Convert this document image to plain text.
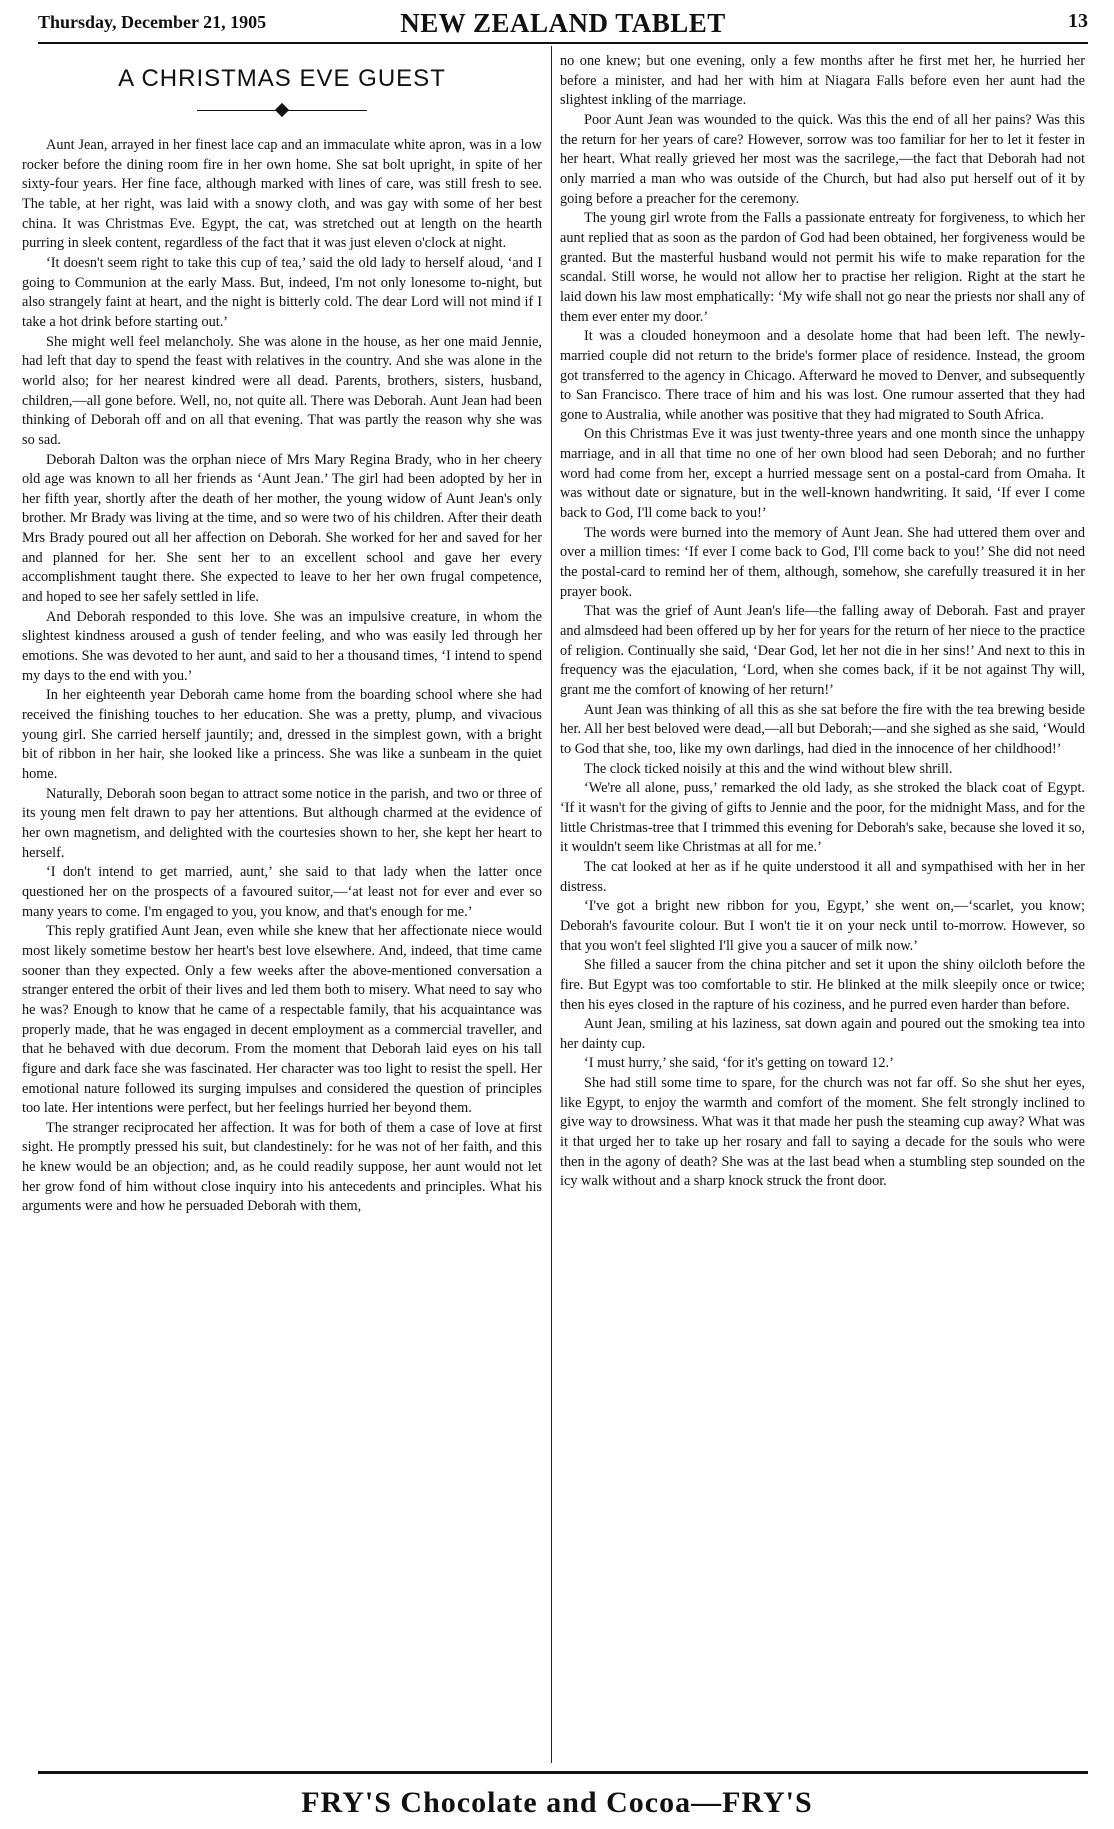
Thursday, December 21, 1905	NEW ZEALAND TABLET	13
A CHRISTMAS EVE GUEST

Aunt Jean, arrayed in her finest lace cap and an immaculate white apron, was in a low rocker before the dining room fire in her own home. She sat bolt upright, in spite of her sixty-four years. Her fine face, although marked with lines of care, was still fresh to see. The table, at her right, was laid with a snowy cloth, and was gay with some of her best china. It was Christmas Eve. Egypt, the cat, was stretched out at length on the hearth purring in sleek content, regardless of the fact that it was just eleven o'clock at night.

‘It doesn't seem right to take this cup of tea,’ said the old lady to herself aloud, ‘and I going to Communion at the early Mass. But, indeed, I'm not only lonesome to-night, but also strangely faint at heart, and the night is bitterly cold. The dear Lord will not mind if I take a hot drink before starting out.’

She might well feel melancholy. She was alone in the house, as her one maid Jennie, had left that day to spend the feast with relatives in the country. And she was alone in the world also; for her nearest kindred were all dead. Parents, brothers, sisters, husband, children,—all gone before. Well, no, not quite all. There was Deborah. Aunt Jean had been thinking of Deborah off and on all that evening. That was partly the reason why she was so sad.

Deborah Dalton was the orphan niece of Mrs Mary Regina Brady, who in her cheery old age was known to all her friends as ‘Aunt Jean.’ The girl had been adopted by her in her fifth year, shortly after the death of her mother, the young widow of Aunt Jean's only brother. Mr Brady was living at the time, and so were two of his children. After their death Mrs Brady poured out all her affection on Deborah. She worked for her and saved for her and planned for her. She sent her to an excellent school and gave her every accomplishment taught there. She expected to leave to her her own frugal competence, and hoped to see her safely settled in life.

And Deborah responded to this love. She was an impulsive creature, in whom the slightest kindness aroused a gush of tender feeling, and who was easily led through her emotions. She was devoted to her aunt, and said to her a thousand times, ‘I intend to spend my days to the end with you.’

In her eighteenth year Deborah came home from the boarding school where she had received the finishing touches to her education. She was a pretty, plump, and vivacious young girl. She carried herself jauntily; and, dressed in the simplest gown, with a bright bit of ribbon in her hair, she looked like a princess. She was like a sunbeam in the quiet home.

Naturally, Deborah soon began to attract some notice in the parish, and two or three of its young men felt drawn to pay her attentions. But although charmed at the evidence of her own magnetism, and delighted with the courtesies shown to her, she kept her heart to herself.

‘I don't intend to get married, aunt,’ she said to that lady when the latter once questioned her on the prospects of a favoured suitor,—‘at least not for ever and ever so many years to come. I'm engaged to you, you know, and that's enough for me.’

This reply gratified Aunt Jean, even while she knew that her affectionate niece would most likely sometime bestow her heart's best love elsewhere. And, indeed, that time came sooner than they expected. Only a few weeks after the above-mentioned conversation a stranger entered the orbit of their lives and led them both to misery. What need to say who he was? Enough to know that he came of a respectable family, that his acquaintance was properly made, that he was engaged in decent employment as a commercial traveller, and that he behaved with due decorum. From the moment that Deborah laid eyes on his tall figure and dark face she was fascinated. Her character was too light to resist the spell. Her emotional nature followed its surging impulses and considered the question of principles too late. Her intentions were perfect, but her feelings hurried her beyond them.

The stranger reciprocated her affection. It was for both of them a case of love at first sight. He promptly pressed his suit, but clandestinely: for he was not of her faith, and this he knew would be an objection; and, as he could readily suppose, her aunt would not let her grow fond of him without close inquiry into his antecedents and principles. What his arguments were and how he persuaded Deborah with them,

no one knew; but one evening, only a few months after he first met her, he hurried her before a minister, and had her with him at Niagara Falls before even her aunt had the slightest inkling of the marriage.

Poor Aunt Jean was wounded to the quick. Was this the end of all her pains? Was this the return for her years of care? However, sorrow was too familiar for her to let it fester in her heart. What really grieved her most was the sacrilege,—the fact that Deborah had not only married a man who was outside of the Church, but had also put herself out of it by going before a preacher for the ceremony.

The young girl wrote from the Falls a passionate entreaty for forgiveness, to which her aunt replied that as soon as the pardon of God had been obtained, her forgiveness would be granted. But the masterful husband would not permit his wife to make reparation for the scandal. Still worse, he would not allow her to practise her religion. Right at the start he laid down his law most emphatically: ‘My wife shall not go near the priests nor shall any of them ever enter my door.’

It was a clouded honeymoon and a desolate home that had been left. The newly-married couple did not return to the bride's former place of residence. Instead, the groom got transferred to the agency in Chicago. Afterward he moved to Denver, and subsequently to San Francisco. There trace of him and his was lost. One rumour asserted that they had gone to Australia, while another was positive that they had migrated to South Africa.

On this Christmas Eve it was just twenty-three years and one month since the unhappy marriage, and in all that time no one of her own blood had seen Deborah; and no further word had come from her, except a hurried message sent on a postal-card from Omaha. It was without date or signature, but in the well-known handwriting. It said, ‘If ever I come back to God, I'll come back to you!’

The words were burned into the memory of Aunt Jean. She had uttered them over and over a million times: ‘If ever I come back to God, I'll come back to you!’ She did not need the postal-card to remind her of them, although, somehow, she carefully treasured it in her prayer book.

That was the grief of Aunt Jean's life—the falling away of Deborah. Fast and prayer and almsdeed had been offered up by her for years for the return of her niece to the practice of religion. Continually she said, ‘Dear God, let her not die in her sins!’ And next to this in frequency was the ejaculation, ‘Lord, when she comes back, if it be not against Thy will, grant me the comfort of knowing of her return!’

Aunt Jean was thinking of all this as she sat before the fire with the tea brewing beside her. All her best beloved were dead,—all but Deborah;—and she sighed as she said, ‘Would to God that she, too, like my own darlings, had died in the innocence of her childhood!’

The clock ticked noisily at this and the wind without blew shrill.

‘We're all alone, puss,’ remarked the old lady, as she stroked the black coat of Egypt. ‘If it wasn't for the giving of gifts to Jennie and the poor, for the midnight Mass, and for the little Christmas-tree that I trimmed this evening for Deborah's sake, because she loved it so, it wouldn't seem like Christmas at all for me.’

The cat looked at her as if he quite understood it all and sympathised with her in her distress.

‘I've got a bright new ribbon for you, Egypt,’ she went on,—‘scarlet, you know; Deborah's favourite colour. But I won't tie it on your neck until to-morrow. However, so that you won't feel slighted I'll give you a saucer of milk now.’

She filled a saucer from the china pitcher and set it upon the shiny oilcloth before the fire. But Egypt was too comfortable to stir. He blinked at the milk sleepily once or twice; then his eyes closed in the rapture of his coziness, and he purred even harder than before.

Aunt Jean, smiling at his laziness, sat down again and poured out the smoking tea into her dainty cup.

‘I must hurry,’ she said, ‘for it's getting on toward 12.’

She had still some time to spare, for the church was not far off. So she shut her eyes, like Egypt, to enjoy the warmth and comfort of the moment. She felt strongly inclined to give way to drowsiness. What was it that made her push the steaming cup away? What was it that urged her to take up her rosary and fall to saying a decade for the souls who were then in the agony of death? She was at the last bead when a stumbling step sounded on the icy walk without and a sharp knock struck the front door.

FRY'S Chocolate and Cocoa—FRY'S
